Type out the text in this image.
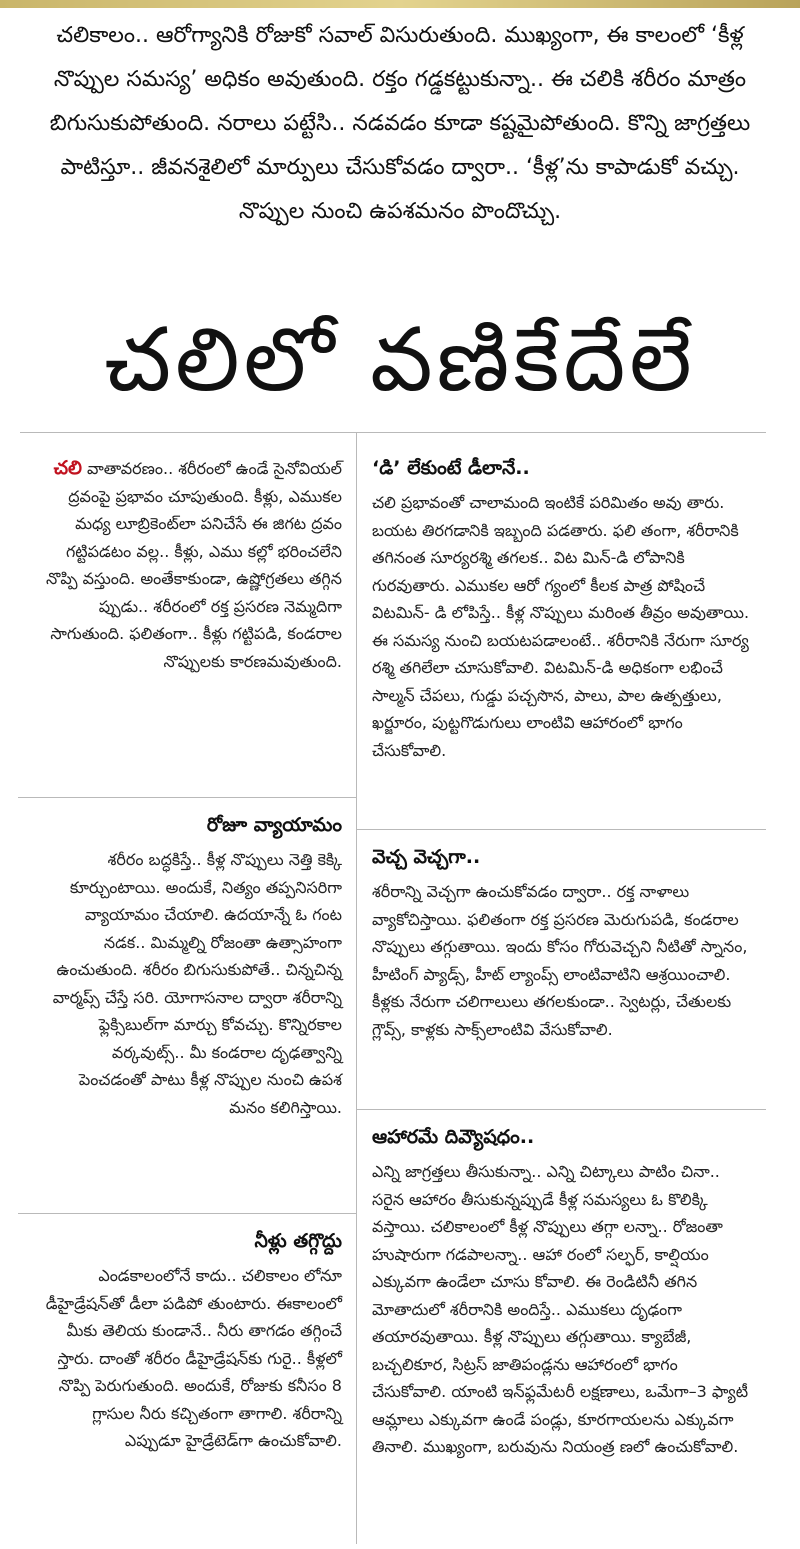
చలికాలం.. ఆరోగ్యానికి రోజుకో సవాల్ విసురుతుంది. ముఖ్యంగా, ఈ కాలంలో ‘కీళ్ల నొప్పుల సమస్య’ అధికం అవుతుంది. రక్తం గడ్డకట్టుకున్నా.. ఈ చలికి శరీరం మాత్రం బిగుసుకుపోతుంది. నరాలు పట్టేసి.. నడవడం కూడా కష్టమైపోతుంది. కొన్ని జాగ్రత్తలు పాటిస్తూ.. జీవనశైలిలో మార్పులు చేసుకోవడం ద్వారా.. ‘కీళ్ల’ను కాపాడుకో వచ్చు. నొప్పుల నుంచి ఉపశమనం పొందొచ్చు.
చలిలో వణికేదేలే
చలి వాతావరణం.. శరీరంలో ఉండే సైనోవియల్ ద్రవంపై ప్రభావం చూపుతుంది. కీళ్లు, ఎముకల మధ్య లూబ్రికెంట్‌లా పనిచేసే ఈ జిగట ద్రవం గట్టిపడటం వల్ల.. కీళ్లు, ఎము కల్లో భరించలేని నొప్పి వస్తుంది. అంతేకాకుండా, ఉష్ణోగ్రతలు తగ్గిన ప్పుడు.. శరీరంలో రక్త ప్రసరణ నెమ్మదిగా సాగుతుంది. ఫలితంగా.. కీళ్లు గట్టిపడి, కండరాల నొప్పులకు కారణమవుతుంది.
రోజూ వ్యాయామం
శరీరం బద్ధకిస్తే.. కీళ్ల నొప్పులు నెత్తి కెక్కి కూర్చుంటాయి. అందుకే, నిత్యం తప్పనిసరిగా వ్యాయామం చేయాలి. ఉదయాన్నే ఓ గంట నడక.. మిమ్మల్ని రోజంతా ఉత్సాహంగా ఉంచుతుంది. శరీరం బిగుసుకుపోతే.. చిన్నచిన్న వార్మప్స్ చేస్తే సరి. యోగాసనాల ద్వారా శరీరాన్ని ఫ్లెక్సిబుల్‌గా మార్చు కోవచ్చు. కొన్నిరకాల వర్కవుట్స్.. మీ కండరాల దృఢత్వాన్ని పెంచడంతో పాటు కీళ్ల నొప్పుల నుంచి ఉపశ మనం కలిగిస్తాయి.
నీళ్లు తగ్గొద్దు
ఎండకాలంలోనే కాదు.. చలికాలం లోనూ డీహైడ్రేషన్‌తో డీలా పడిపో తుంటారు. ఈకాలంలో మీకు తెలియ కుండానే.. నీరు తాగడం తగ్గించే స్తారు. దాంతో శరీరం డీహైడ్రేషన్‌కు గురై.. కీళ్లలో నొప్పి పెరుగుతుంది. అందుకే, రోజుకు కనీసం 8 గ్లాసుల నీరు కచ్చితంగా తాగాలి. శరీరాన్ని ఎప్పుడూ హైడ్రేటెడ్‌గా ఉంచుకోవాలి.
‘డి’ లేకుంటే డీలానే..
చలి ప్రభావంతో చాలామంది ఇంటికే పరిమితం అవు తారు. బయట తిరగడానికి ఇబ్బంది పడతారు. ఫలి తంగా, శరీరానికి తగినంత సూర్యరశ్మి తగలక.. విట మిన్-డి లోపానికి గురవుతారు. ఎముకల ఆరో గ్యంలో కీలక పాత్ర పోషించే విటమిన్- డి లోపిస్తే.. కీళ్ల నొప్పులు మరింత తీవ్రం అవుతాయి. ఈ సమస్య నుంచి బయటపడాలంటే.. శరీరానికి నేరుగా సూర్య రశ్మి తగిలేలా చూసుకోవాలి. విటమిన్-డి అధికంగా లభించే సాల్మన్ చేపలు, గుడ్డు పచ్చసొన, పాలు, పాల ఉత్పత్తులు, ఖర్జూరం, పుట్టగొడుగులు లాంటివి ఆహారంలో భాగం చేసుకోవాలి.
వెచ్చ వెచ్చగా..
శరీరాన్ని వెచ్చగా ఉంచుకోవడం ద్వారా.. రక్త నాళాలు వ్యాకోచిస్తాయి. ఫలితంగా రక్త ప్రసరణ మెరుగుపడి, కండరాల నొప్పులు తగ్గుతాయి. ఇందు కోసం గోరువెచ్చని నీటితో స్నానం, హీటింగ్ ప్యాడ్స్, హీట్ ల్యాంప్స్ లాంటివాటిని ఆశ్రయించాలి. కీళ్లకు నేరుగా చలిగాలులు తగలకుండా.. స్వెటర్లు, చేతులకు గ్లౌవ్స్, కాళ్లకు సాక్స్‌లాంటివి వేసుకోవాలి.
ఆహారమే దివ్యౌషధం..
ఎన్ని జాగ్రత్తలు తీసుకున్నా.. ఎన్ని చిట్కాలు పాటిం చినా.. సరైన ఆహారం తీసుకున్నప్పుడే కీళ్ల సమస్యలు ఓ కొలిక్కి వస్తాయి. చలికాలంలో కీళ్ల నొప్పులు తగ్గా లన్నా.. రోజంతా హుషారుగా గడపాలన్నా.. ఆహా రంలో సల్ఫర్, కాల్షియం ఎక్కువగా ఉండేలా చూసు కోవాలి. ఈ రెండిటినీ తగిన మోతాదులో శరీరానికి అందిస్తే.. ఎముకలు దృఢంగా తయారవుతాయి. కీళ్ల నొప్పులు తగ్గుతాయి. క్యాబేజీ, బచ్చలికూర, సిట్రస్ జాతిపండ్లను ఆహారంలో భాగం చేసుకోవాలి. యాంటి ఇన్‌ఫ్లమేటరీ లక్షణాలు, ఒమేగా–3 ఫ్యాటీ ఆమ్లాలు ఎక్కువగా ఉండే పండ్లు, కూరగాయలను ఎక్కువగా తినాలి. ముఖ్యంగా, బరువును నియంత్ర ణలో ఉంచుకోవాలి.
